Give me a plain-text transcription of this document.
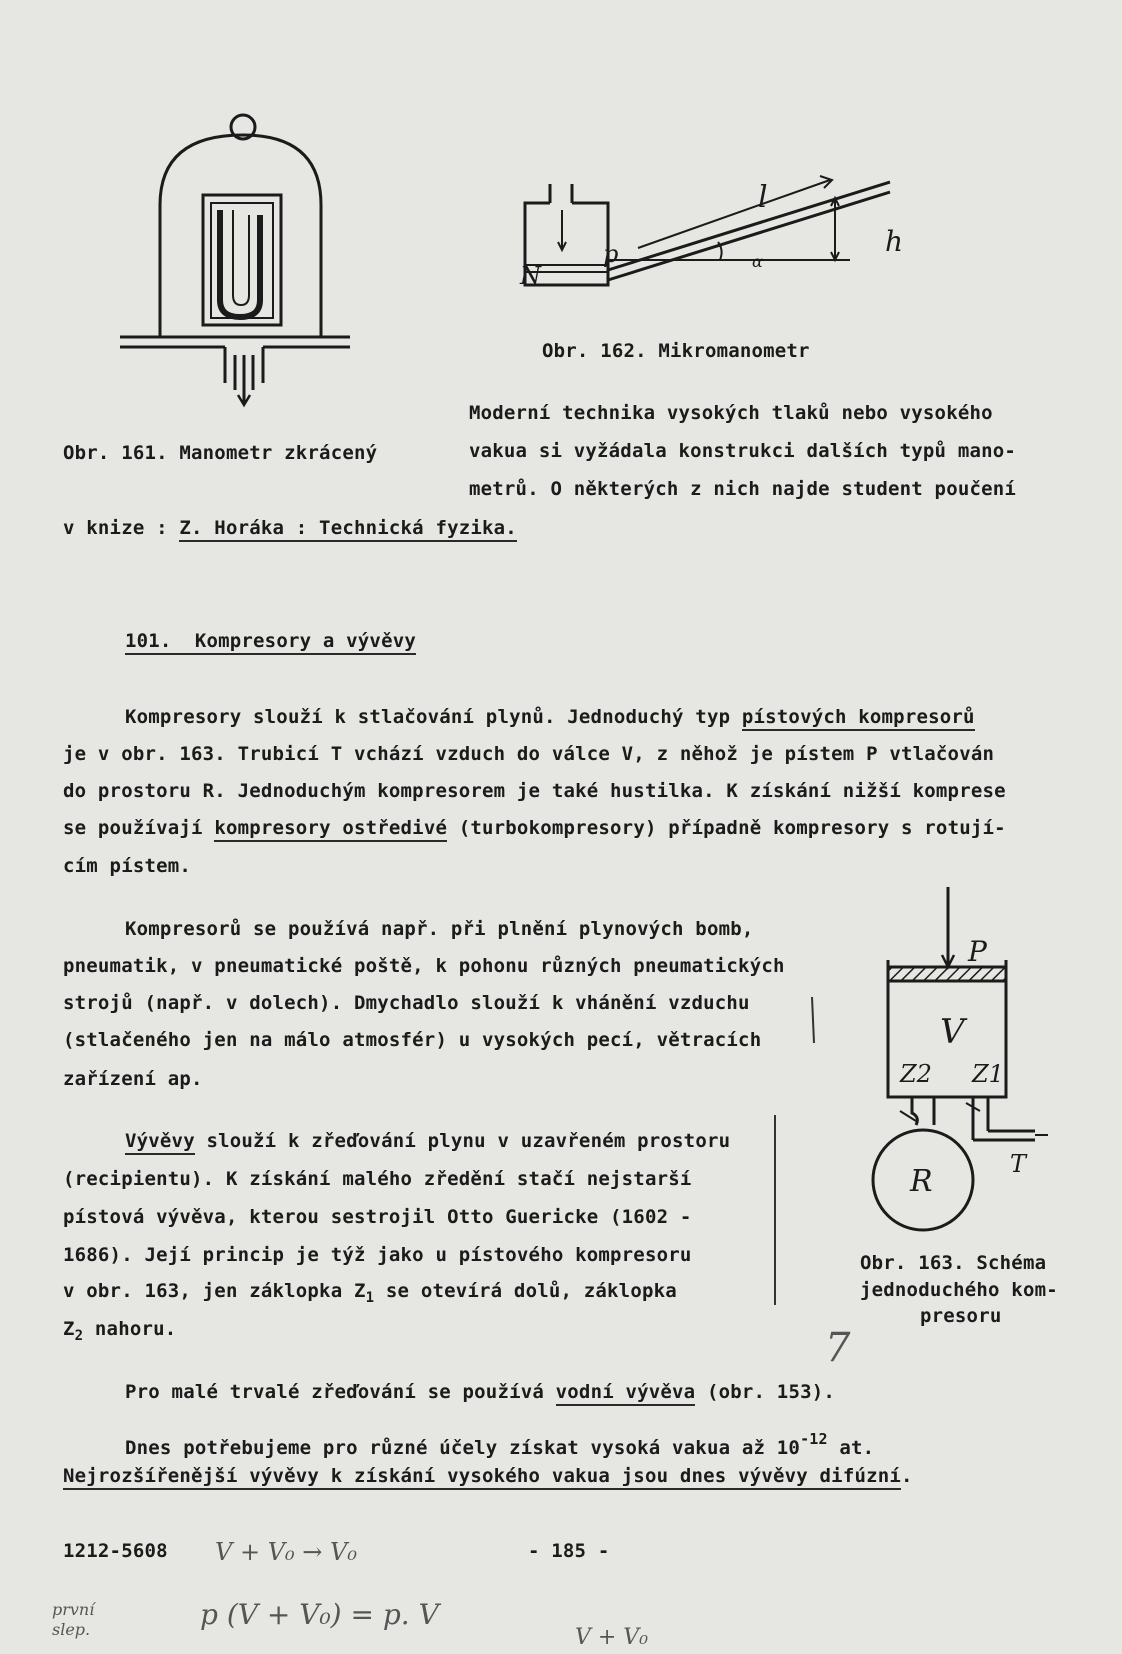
N
p
l
h
α
Obr. 162. Mikromanometr
Moderní technika vysokých tlaků nebo vysokého
Obr. 161. Manometr zkrácený	vakua si vyžádala konstrukci dalších typů mano-
metrů. O některých z nich najde student poučení
v knize : Z. Horáka : Technická fyzika.
101. Kompresory a vývěvy
Kompresory slouží k stlačování plynů. Jednoduchý typ pístových kompresorů
je v obr. 163. Trubicí T vchází vzduch do válce V, z něhož je pístem P vtlačován
do prostoru R. Jednoduchým kompresorem je také hustilka. K získání nižší komprese
se používají kompresory ostředivé (turbokompresory) případně kompresory s rotují-
cím pístem.
Kompresorů se používá např. při plnění plynových bomb,
pneumatik, v pneumatické poště, k pohonu různých pneumatických
strojů (např. v dolech). Dmychadlo slouží k vhánění vzduchu
(stlačeného jen na málo atmosfér) u vysokých pecí, větracích
zařízení ap.
P
V
Z2 Z1
R	T
Obr. 163. Schéma
jednoduchého kom-
presoru
Vývěvy slouží k zřeďování plynu v uzavřeném prostoru
(recipientu). K získání malého zředění stačí nejstarší
pístová vývěva, kterou sestrojil Otto Guericke (1602 -
1686). Její princip je týž jako u pístového kompresoru
v obr. 163, jen záklopka $Z_1$ se otevírá dolů, záklopka
$Z_2$ nahoru.
Pro malé trvalé zřeďování se používá vodní vývěva (obr. 153).
7
Dnes potřebujeme pro různé účely získat vysoká vakua až $10^{-12}$ at.
Nejrozšířenější vývěvy k získání vysokého vakua jsou dnes vývěvy difúzní.
1212-5608	- 185 -
V + V₀ → V₀
p (V + V₀) = p. V
V + V₀
první
slep.
